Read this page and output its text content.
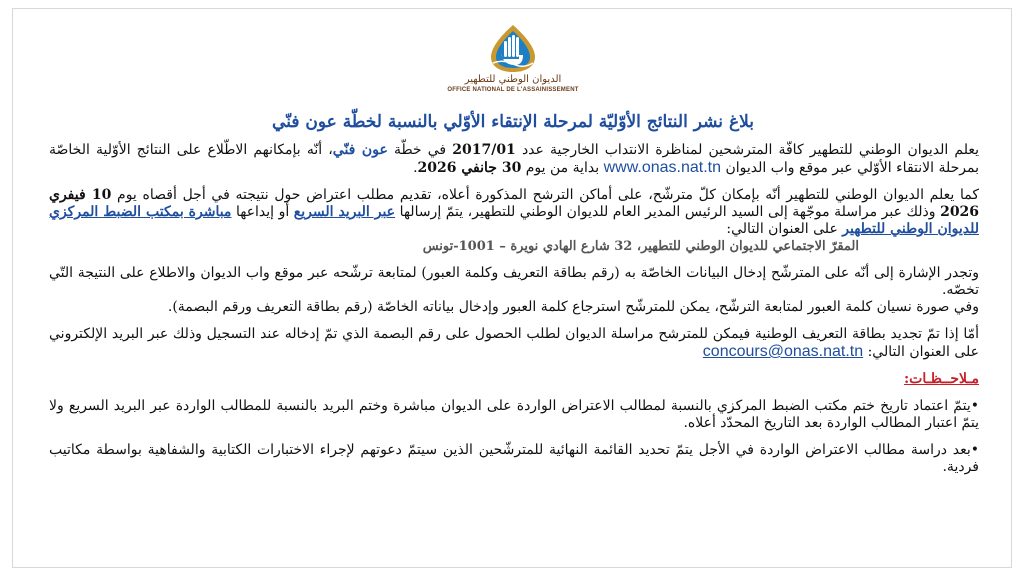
الديوان الوطني للتطهير
OFFICE NATIONAL DE L'ASSAINISSEMENT
بلاغ نشر النتائج الأوّليّة لمرحلة الإنتقاء الأوّلي بالنسبة لخطّة عون فنّي

يعلم الديوان الوطني للتطهير كافّة المترشحين لمناظرة الانتداب الخارجية عدد 2017/01 في خطّة عون فنّي، أنّه بإمكانهم الاطّلاع على النتائج الأوّلية الخاصّة بمرحلة الانتقاء الأوّلي عبر موقع واب الديوان www.onas.nat.tn بداية من يوم 30 جانفي 2026.

كما يعلم الديوان الوطني للتطهير أنّه بإمكان كلّ مترشّح، على أماكن الترشح المذكورة أعلاه، تقديم مطلب اعتراض حول نتيجته في أجل أقصاه يوم 10 فيفري 2026 وذلك عبر مراسلة موجّهة إلى السيد الرئيس المدير العام للديوان الوطني للتطهير، يتمّ إرسالها عبر البريد السريع أو إيداعها مباشرة بمكتب الضبط المركزي للديوان الوطني للتطهير على العنوان التالي:
المقرّ الاجتماعي للديوان الوطني للتطهير، 32 شارع الهادي نويرة – 1001-تونس

وتجدر الإشارة إلى أنّه على المترشّح إدخال البيانات الخاصّة به (رقم بطاقة التعريف وكلمة العبور) لمتابعة ترشّحه عبر موقع واب الديوان والاطلاع على النتيجة التّي تخصّه.
وفي صورة نسيان كلمة العبور لمتابعة الترشّح، يمكن للمترشّح استرجاع كلمة العبور وإدخال بياناته الخاصّة (رقم بطاقة التعريف ورقم البصمة).

أمّا إذا تمّ تجديد بطاقة التعريف الوطنية فيمكن للمترشح مراسلة الديوان لطلب الحصول على رقم البصمة الذي تمّ إدخاله عند التسجيل وذلك عبر البريد الإلكتروني على العنوان التالي: concours@onas.nat.tn

مـلاحــظـات:

•يتمّ اعتماد تاريخ ختم مكتب الضبط المركزي بالنسبة لمطالب الاعتراض الواردة على الديوان مباشرة وختم البريد بالنسبة للمطالب الواردة عبر البريد السريع ولا يتمّ اعتبار المطالب الواردة بعد التاريخ المحدّد أعلاه.

•بعد دراسة مطالب الاعتراض الواردة في الأجل يتمّ تحديد القائمة النهائية للمترشّحين الذين سيتمّ دعوتهم لإجراء الاختبارات الكتابية والشفاهية بواسطة مكاتيب فردية.
